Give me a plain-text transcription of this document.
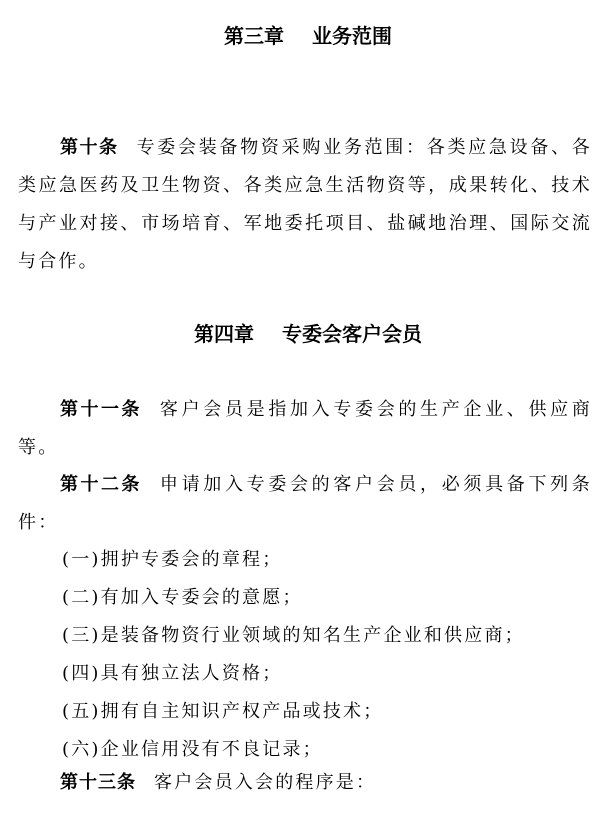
第三章 业务范围

第十条 专委会装备物资采购业务范围：各类应急设备、各类应急医药及卫生物资、各类应急生活物资等，成果转化、技术与产业对接、市场培育、军地委托项目、盐碱地治理、国际交流与合作。

第四章 专委会客户会员

第十一条 客户会员是指加入专委会的生产企业、供应商等。

第十二条 申请加入专委会的客户会员，必须具备下列条件：

(一)拥护专委会的章程；

(二)有加入专委会的意愿；

(三)是装备物资行业领域的知名生产企业和供应商；

(四)具有独立法人资格；

(五)拥有自主知识产权产品或技术；

(六)企业信用没有不良记录；

第十三条 客户会员入会的程序是：
